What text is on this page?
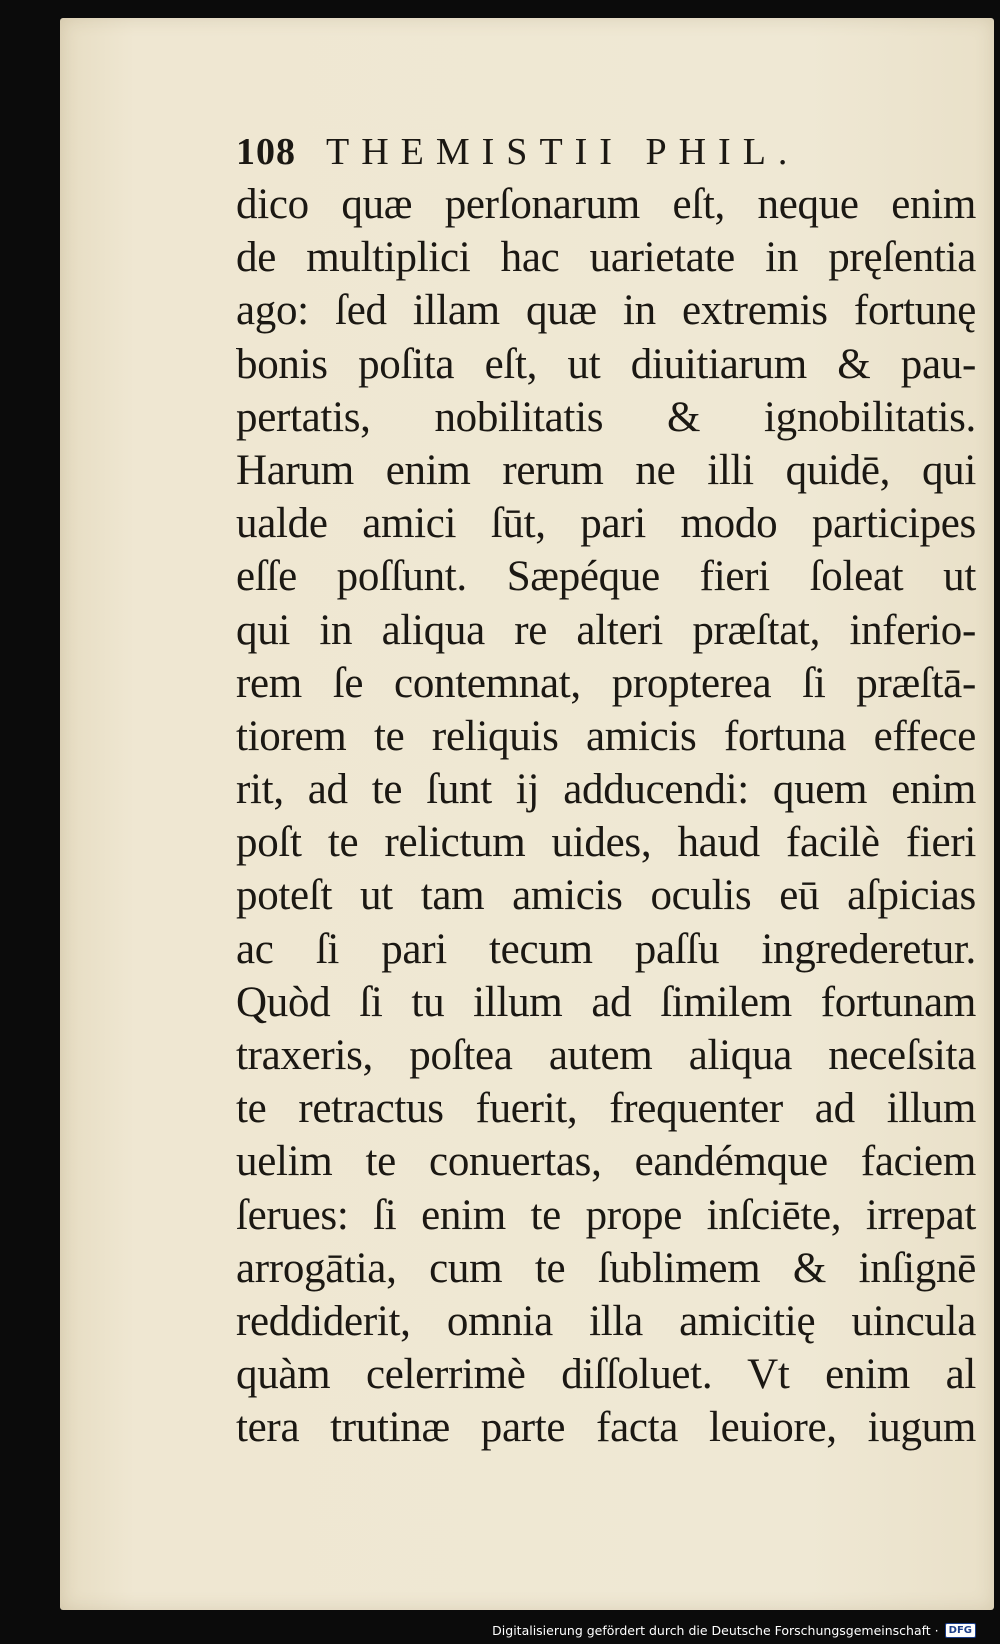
108 THEMISTII PHIL.
dico quæ perſonarum eſt, neque enim
de multiplici hac uarietate in pręſentia
ago: ſed illam quæ in extremis fortunę
bonis poſita eſt, ut diuitiarum & pau-
pertatis, nobilitatis & ignobilitatis.
Harum enim rerum ne illi quidē, qui
ualde amici ſūt, pari modo participes
eſſe poſſunt. Sæpéque fieri ſoleat ut
qui in aliqua re alteri præſtat, inferio-
rem ſe contemnat, propterea ſi præſtā-
tiorem te reliquis amicis fortuna effece
rit, ad te ſunt ij adducendi: quem enim
poſt te relictum uides, haud facilè fieri
poteſt ut tam amicis oculis eū aſpicias
ac ſi pari tecum paſſu ingrederetur.
Quòd ſi tu illum ad ſimilem fortunam
traxeris, poſtea autem aliqua neceſsita
te retractus fuerit, frequenter ad illum
uelim te conuertas, eandémque faciem
ſerues: ſi enim te prope inſciēte, irrepat
arrogātia, cum te ſublimem & inſignē
reddiderit, omnia illa amicitię uincula
quàm celerrimè diſſoluet. Vt enim al
tera trutinæ parte facta leuiore, iugum
Digitalisierung gefördert durch die Deutsche Forschungsgemeinschaft ·	DFG
